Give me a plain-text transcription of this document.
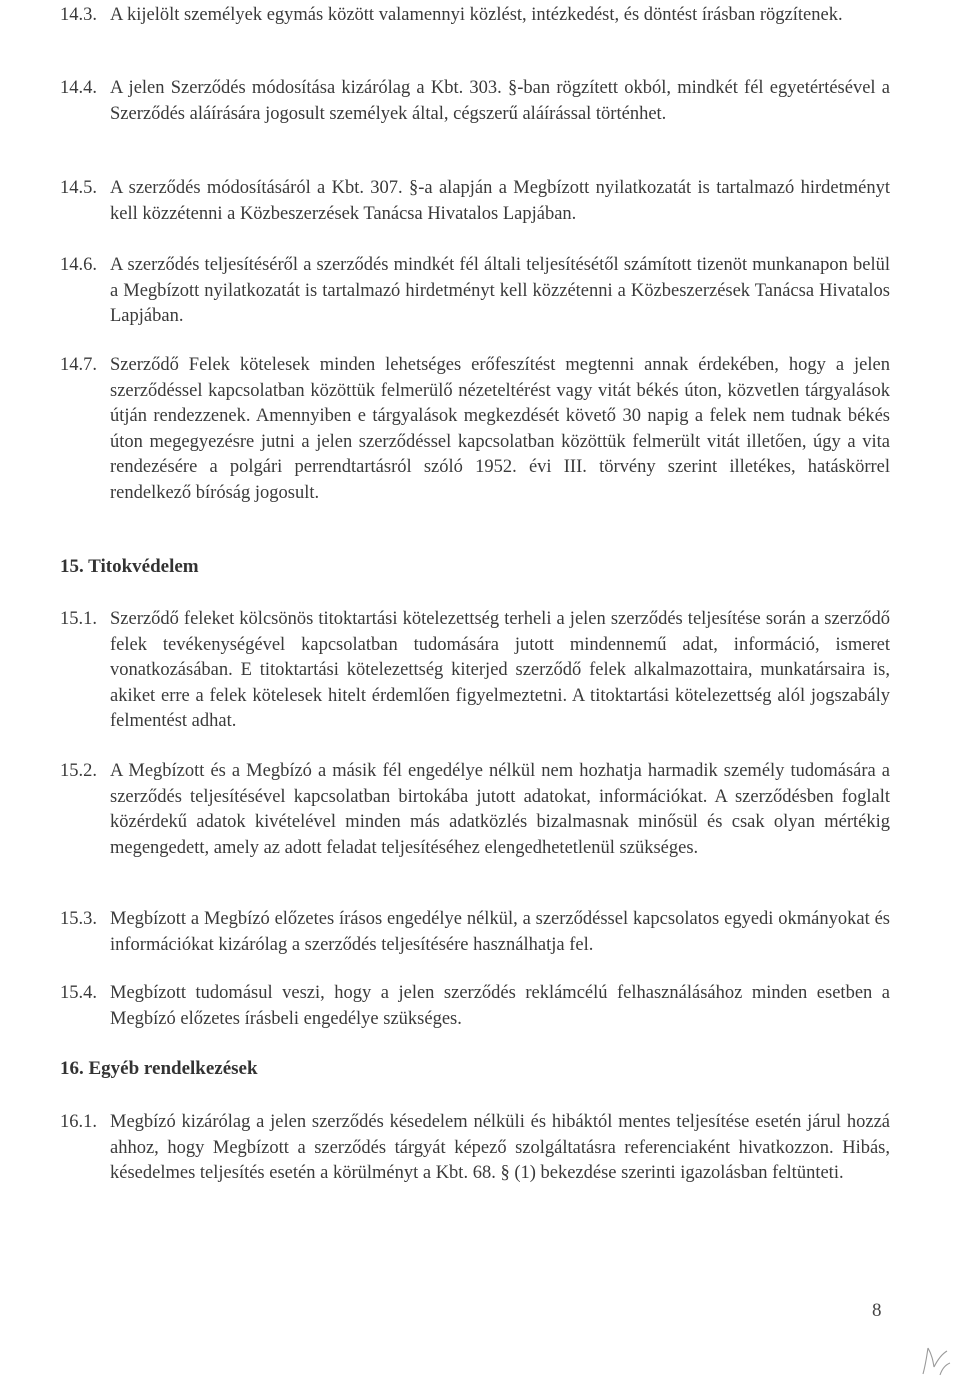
14.3. A kijelölt személyek egymás között valamennyi közlést, intézkedést, és döntést írásban rögzítenek.
14.4. A jelen Szerződés módosítása kizárólag a Kbt. 303. §-ban rögzített okból, mindkét fél egyetértésével a Szerződés aláírására jogosult személyek által, cégszerű aláírással történhet.
14.5. A szerződés módosításáról a Kbt. 307. §-a alapján a Megbízott nyilatkozatát is tartalmazó hirdetményt kell közzétenni a Közbeszerzések Tanácsa Hivatalos Lapjában.
14.6. A szerződés teljesítéséről a szerződés mindkét fél általi teljesítésétől számított tizenöt munkanapon belül a Megbízott nyilatkozatát is tartalmazó hirdetményt kell közzétenni a Közbeszerzések Tanácsa Hivatalos Lapjában.
14.7. Szerződő Felek kötelesek minden lehetséges erőfeszítést megtenni annak érdekében, hogy a jelen szerződéssel kapcsolatban közöttük felmerülő nézeteltérést vagy vitát békés úton, közvetlen tárgyalások útján rendezzenek. Amennyiben e tárgyalások megkezdését követő 30 napig a felek nem tudnak békés úton megegyezésre jutni a jelen szerződéssel kapcsolatban közöttük felmerült vitát illetően, úgy a vita rendezésére a polgári perrendtartásról szóló 1952. évi III. törvény szerint illetékes, hatáskörrel rendelkező bíróság jogosult.
15. Titokvédelem
15.1. Szerződő feleket kölcsönös titoktartási kötelezettség terheli a jelen szerződés teljesítése során a szerződő felek tevékenységével kapcsolatban tudomására jutott mindennemű adat, információ, ismeret vonatkozásában. E titoktartási kötelezettség kiterjed szerződő felek alkalmazottaira, munkatársaira is, akiket erre a felek kötelesek hitelt érdemlően figyelmeztetni. A titoktartási kötelezettség alól jogszabály felmentést adhat.
15.2. A Megbízott és a Megbízó a másik fél engedélye nélkül nem hozhatja harmadik személy tudomására a szerződés teljesítésével kapcsolatban birtokába jutott adatokat, információkat. A szerződésben foglalt közérdekű adatok kivételével minden más adatközlés bizalmasnak minősül és csak olyan mértékig megengedett, amely az adott feladat teljesítéséhez elengedhetetlenül szükséges.
15.3. Megbízott a Megbízó előzetes írásos engedélye nélkül, a szerződéssel kapcsolatos egyedi okmányokat és információkat kizárólag a szerződés teljesítésére használhatja fel.
15.4. Megbízott tudomásul veszi, hogy a jelen szerződés reklámcélú felhasználásához minden esetben a Megbízó előzetes írásbeli engedélye szükséges.
16. Egyéb rendelkezések
16.1. Megbízó kizárólag a jelen szerződés késedelem nélküli és hibáktól mentes teljesítése esetén járul hozzá ahhoz, hogy Megbízott a szerződés tárgyát képező szolgáltatásra referenciaként hivatkozzon. Hibás, késedelmes teljesítés esetén a körülményt a Kbt. 68. § (1) bekezdése szerinti igazolásban feltünteti.
8
